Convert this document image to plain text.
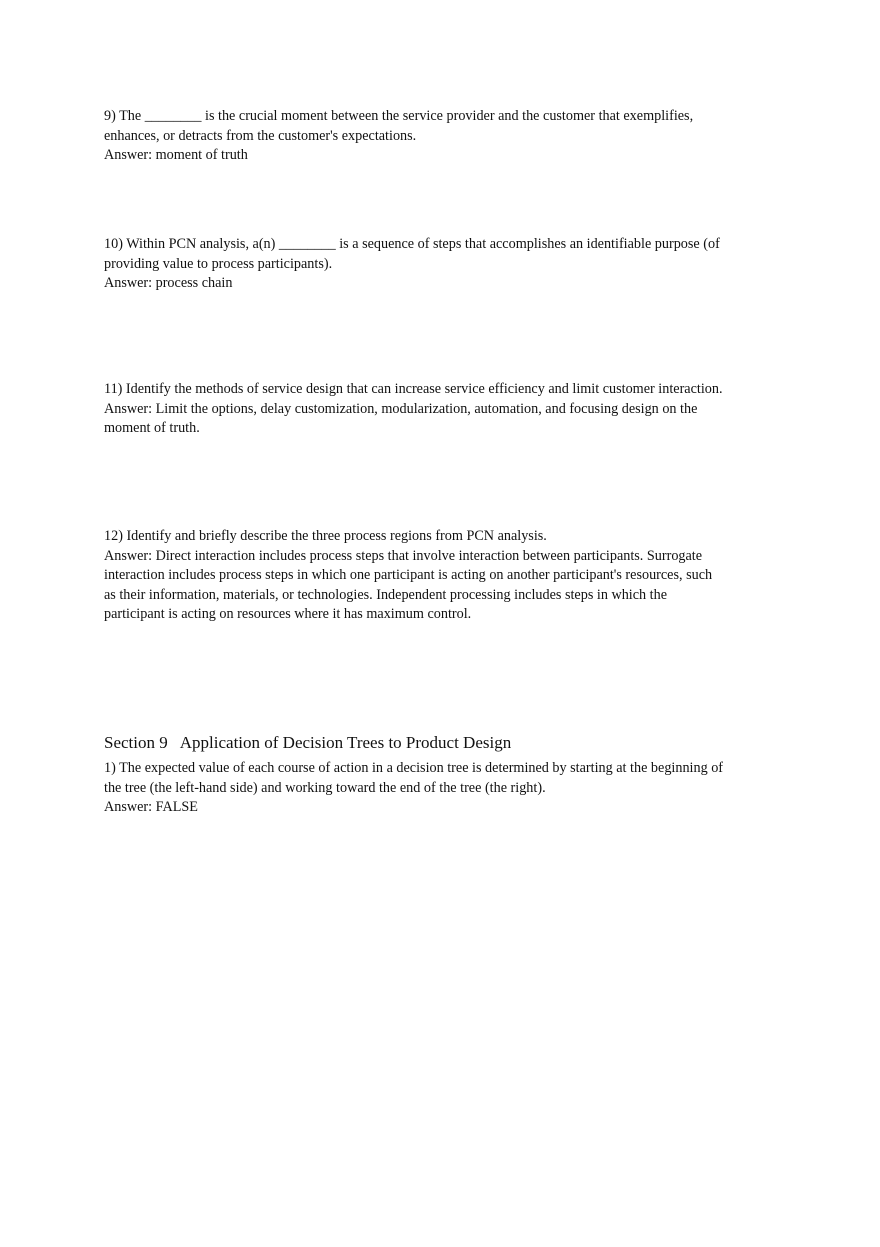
9) The ________ is the crucial moment between the service provider and the customer that exemplifies, enhances, or detracts from the customer's expectations.

Answer: moment of truth

10) Within PCN analysis, a(n) ________ is a sequence of steps that accomplishes an identifiable purpose (of providing value to process participants).

Answer: process chain

11) Identify the methods of service design that can increase service efficiency and limit customer interaction.

Answer: Limit the options, delay customization, modularization, automation, and focusing design on the moment of truth.

12) Identify and briefly describe the three process regions from PCN analysis.

Answer: Direct interaction includes process steps that involve interaction between participants. Surrogate interaction includes process steps in which one participant is acting on another participant's resources, such as their information, materials, or technologies. Independent processing includes steps in which the participant is acting on resources where it has maximum control.

Section 9 Application of Decision Trees to Product Design

1) The expected value of each course of action in a decision tree is determined by starting at the beginning of the tree (the left-hand side) and working toward the end of the tree (the right).

Answer: FALSE
